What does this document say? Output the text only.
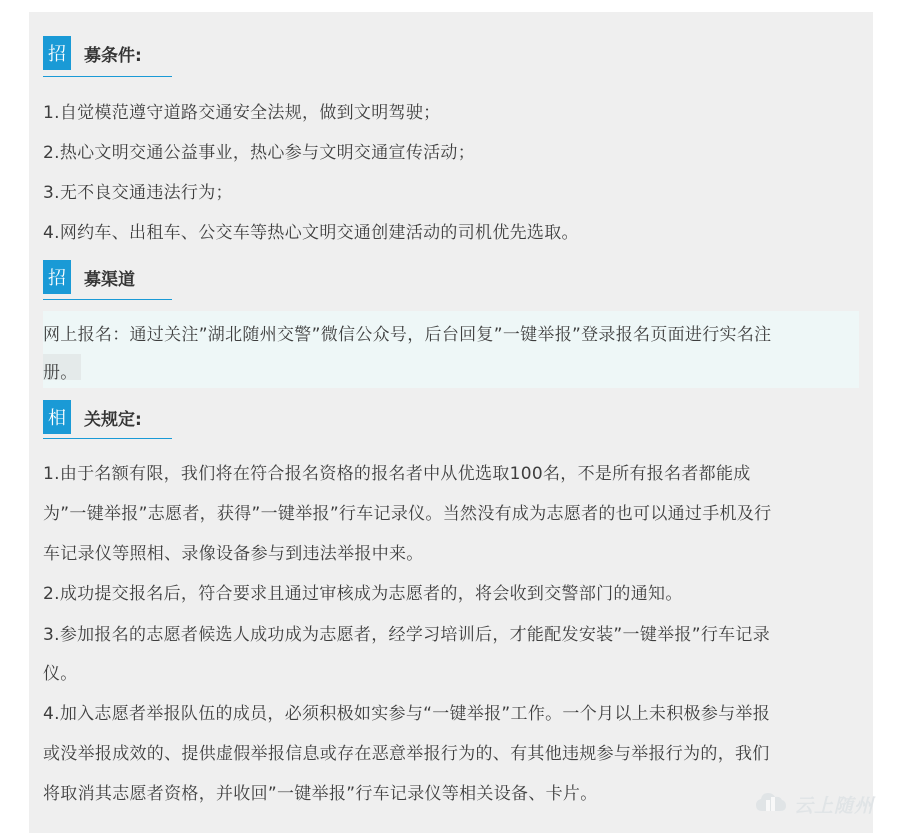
招 募条件:
1.自觉模范遵守道路交通安全法规，做到文明驾驶；
2.热心文明交通公益事业，热心参与文明交通宣传活动；
3.无不良交通违法行为；
4.网约车、出租车、公交车等热心文明交通创建活动的司机优先选取。
招 募渠道
网上报名：通过关注”湖北随州交警”微信公众号，后台回复”一键举报”登录报名页面进行实名注
册。
相 关规定:
1.由于名额有限，我们将在符合报名资格的报名者中从优选取100名，不是所有报名者都能成
为”一键举报”志愿者，获得”一键举报”行车记录仪。当然没有成为志愿者的也可以通过手机及行
车记录仪等照相、录像设备参与到违法举报中来。
2.成功提交报名后，符合要求且通过审核成为志愿者的，将会收到交警部门的通知。
3.参加报名的志愿者候选人成功成为志愿者，经学习培训后，才能配发安装”一键举报”行车记录
仪。
4.加入志愿者举报队伍的成员，必须积极如实参与“一键举报”工作。一个月以上未积极参与举报
或没举报成效的、提供虚假举报信息或存在恶意举报行为的、有其他违规参与举报行为的，我们
将取消其志愿者资格，并收回”一键举报”行车记录仪等相关设备、卡片。
云上随州
